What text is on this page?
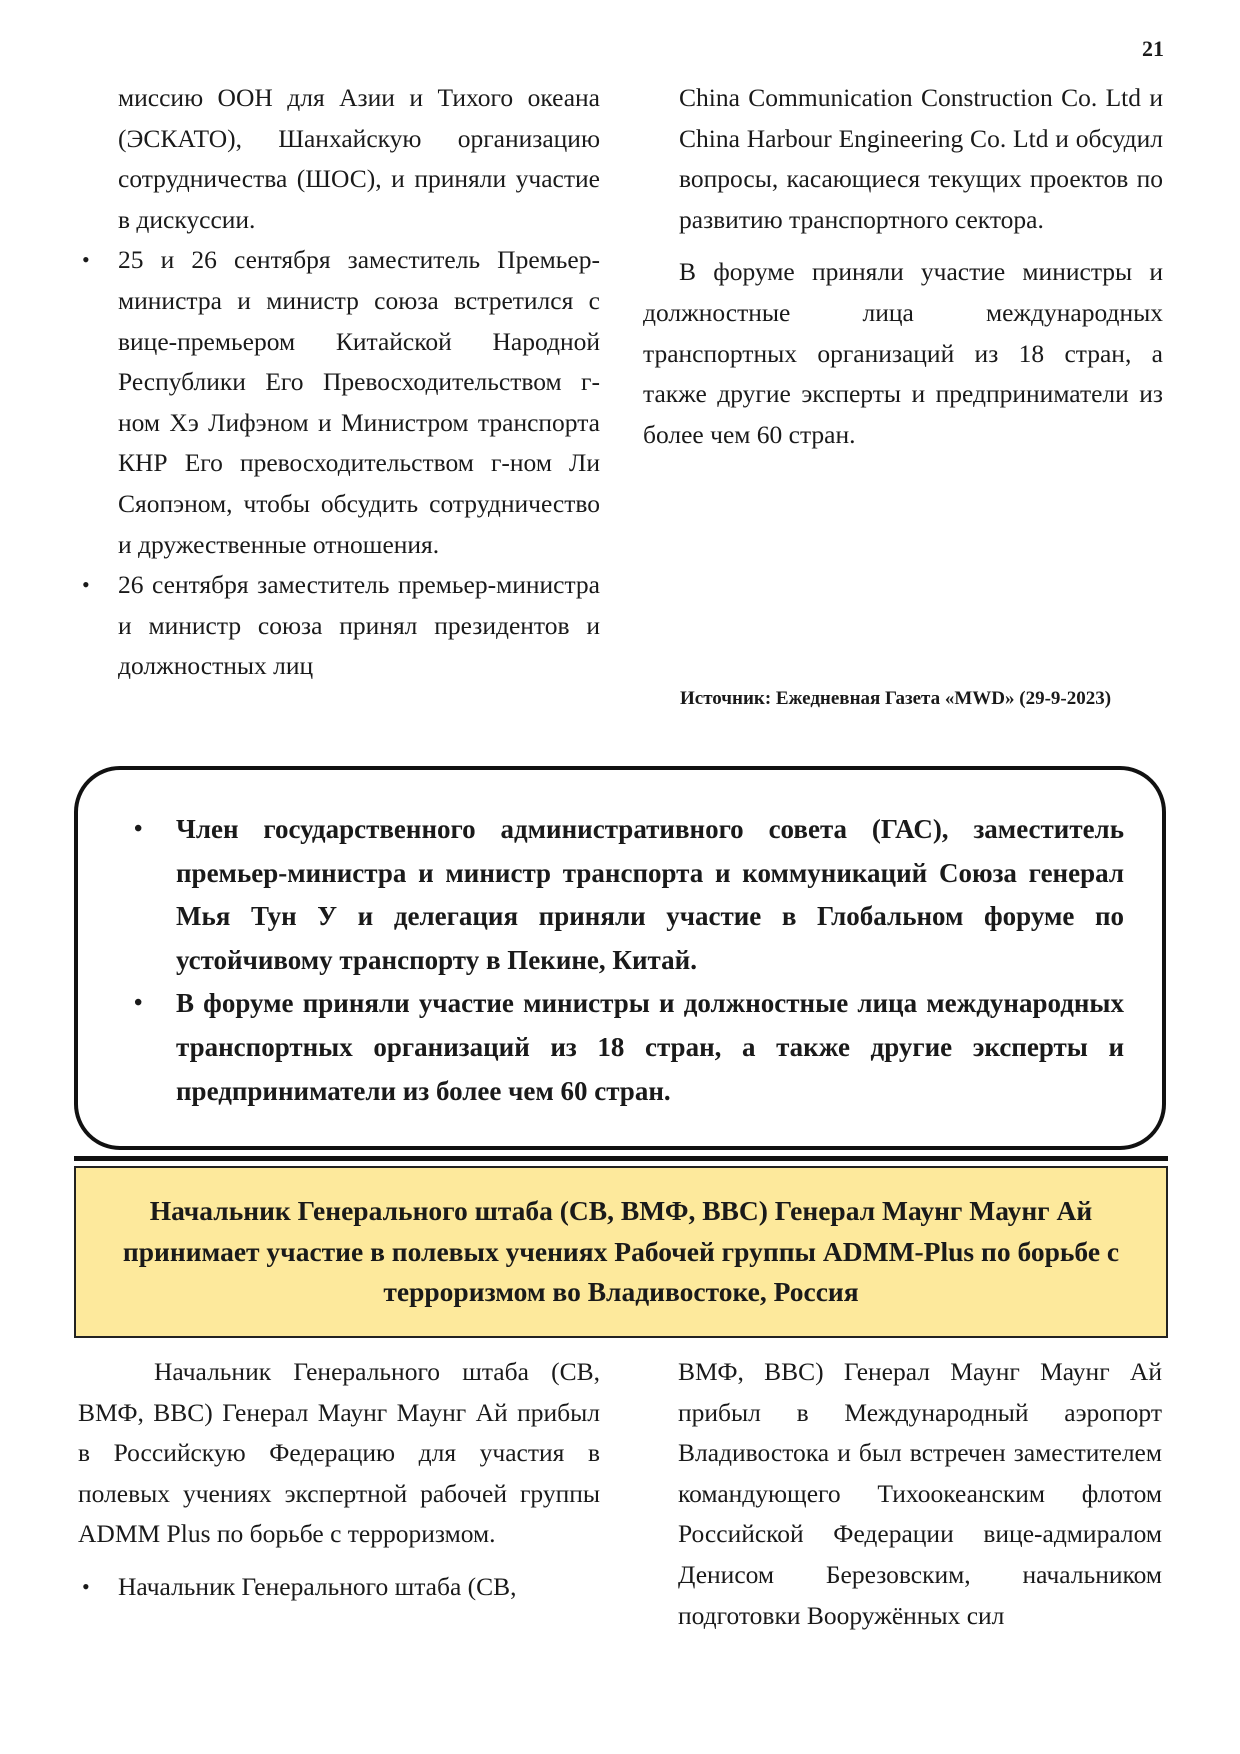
21
миссию ООН для Азии и Тихого океана (ЭСКАТО), Шанхайскую организацию сотрудничества (ШОС), и приняли участие в дискуссии.
• 25 и 26 сентября заместитель Премьер-министра и министр союза встретился с вице-премьером Китайской Народной Республики Его Превосходительством г-ном Хэ Лифэном и Министром транспорта КНР Его превосходительством г-ном Ли Сяопэном, чтобы обсудить сотрудничество и дружественные отношения.
• 26 сентября заместитель премьер-министра и министр союза принял президентов и должностных лиц

China Communication Construction Co. Ltd и China Harbour Engineering Co. Ltd и обсудил вопросы, касающиеся текущих проектов по развитию транспортного сектора.

В форуме приняли участие министры и должностные лица международных транспортных организаций из 18 стран, а также другие эксперты и предприниматели из более чем 60 стран.

Источник: Ежедневная Газета «MWD» (29-9-2023)
• Член государственного административного совета (ГАС), заместитель премьер-министра и министр транспорта и коммуникаций Союза генерал Мья Тун У и делегация приняли участие в Глобальном форуме по устойчивому транспорту в Пекине, Китай.
• В форуме приняли участие министры и должностные лица международных транспортных организаций из 18 стран, а также другие эксперты и предприниматели из более чем 60 стран.
Начальник Генерального штаба (СВ, ВМФ, ВВС) Генерал Маунг Маунг Ай принимает участие в полевых учениях Рабочей группы ADMM-Plus по борьбе с терроризмом во Владивостоке, Россия

Начальник Генерального штаба (СВ, ВМФ, ВВС) Генерал Маунг Маунг Ай прибыл в Российскую Федерацию для участия в полевых учениях экспертной рабочей группы ADMM Plus по борьбе с терроризмом.

• Начальник Генерального штаба (СВ,

ВМФ, ВВС) Генерал Маунг Маунг Ай прибыл в Международный аэропорт Владивостока и был встречен заместителем командующего Тихоокеанским флотом Российской Федерации вице-адмиралом Денисом Березовским, начальником подготовки Вооружённых сил
